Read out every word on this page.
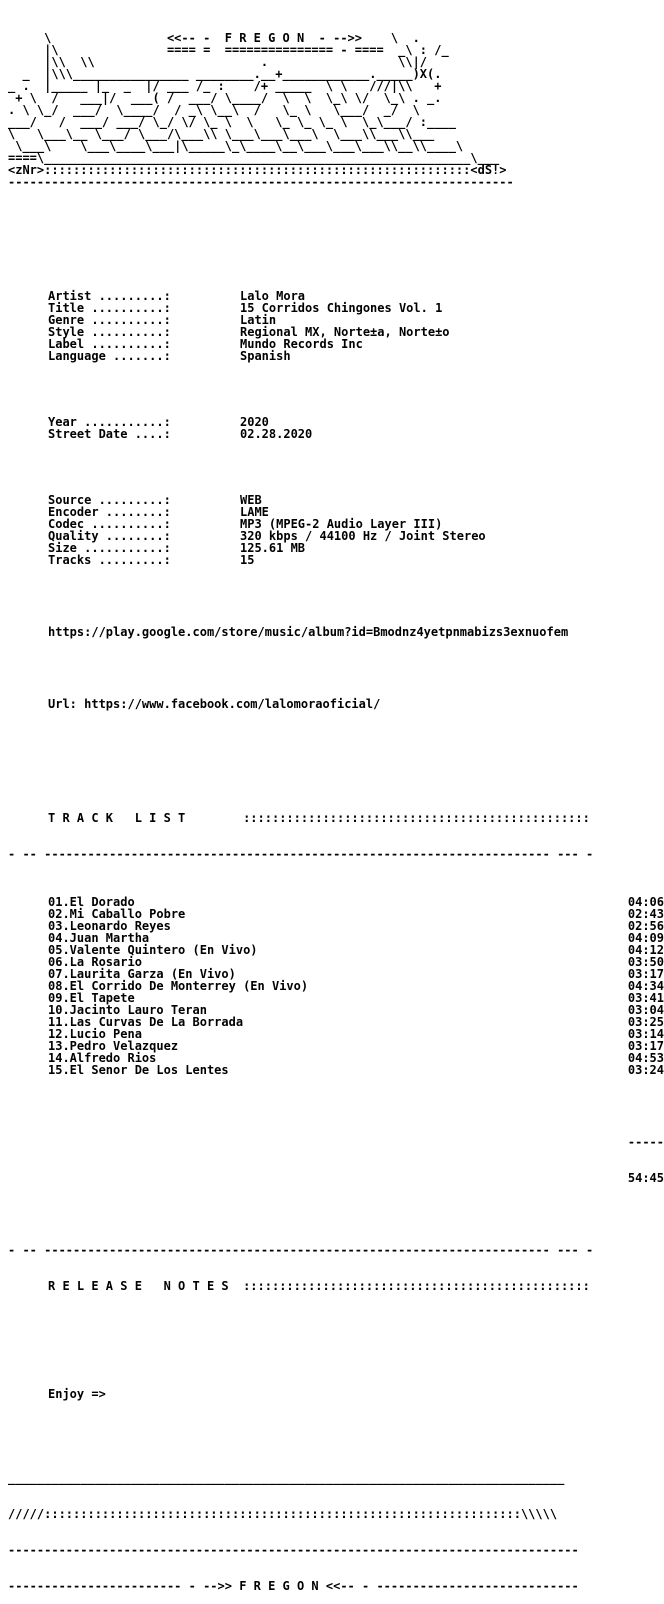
\                <<-- -  F R E G O N  - -->>    \  .
|\               ==== =  =============== - ====  _\ : /_
|\\  \\                       .                  \\|/
_  |\\\________________ ________.__+____________._____)X(.
_ .  |_____ |_  _  |/ ___ /_ :    /+ _____  \ \   ///|\\   +
+ \  /   ___|/  ___( /  ___/ \____/  \  \  \_\ \/  \_\ . _.
. \ \_/  ___/  \____/  / _\ \__\  /   \_ \   \___/  _/  \
___/   /  ___/ ___/ \_/ \/ \_ \  \   \_ \_ \_ \  \_\___/ :____
\   \___\__ \___/ \___/\___\\ \___\___\___\  \___\\___\\___
\___\    \___\____\___|\_____\_\____\__\___\___\___\\__\\____\
====\___________________________________________________________\___
<zNr>:::::::::::::::::::::::::::::::::::::::::::::::::::::::::::<dS!>
----------------------------------------------------------------------

Artist .........:	Lalo Mora
Title ..........:	15 Corridos Chingones Vol. 1
Genre ..........:	Latin
Style ..........:	Regional MX, Norte±a, Norte±o
Label ..........:	Mundo Records Inc
Language .......:	Spanish

Year ...........:	2020
Street Date ....:	02.28.2020

Source .........:	WEB
Encoder ........:	LAME
Codec ..........:	MP3 (MPEG-2 Audio Layer III)
Quality ........:	320 kbps / 44100 Hz / Joint Stereo
Size ...........:	125.61 MB
Tracks .........:	15

https://play.google.com/store/music/album?id=Bmodnz4yetpnmabizs3exnuofem

Url: https://www.facebook.com/lalomoraoficial/

T R A C K   L I S T        ::::::::::::::::::::::::::::::::::::::::::::::::

- -- ---------------------------------------------------------------------- --- -

01.El Dorado	04:06
02.Mi Caballo Pobre	02:43
03.Leonardo Reyes	02:56
04.Juan Martha	04:09
05.Valente Quintero (En Vivo)	04:12
06.La Rosario	03:50
07.Laurita Garza (En Vivo)	03:17
08.El Corrido De Monterrey (En Vivo)	04:34
09.El Tapete	03:41
10.Jacinto Lauro Teran	03:04
11.Las Curvas De La Borrada	03:25
12.Lucio Pena	03:14
13.Pedro Velazquez	03:17
14.Alfredo Rios	04:53
15.El Senor De Los Lentes	03:24

-----

54:45

- -- ---------------------------------------------------------------------- --- -

R E L E A S E   N O T E S  ::::::::::::::::::::::::::::::::::::::::::::::::

Enjoy =>

_____________________________________________________________________________

/////::::::::::::::::::::::::::::::::::::::::::::::::::::::::::::::::::\\\\\

-------------------------------------------------------------------------------

------------------------ - -->> F R E G O N <<-- - ----------------------------
